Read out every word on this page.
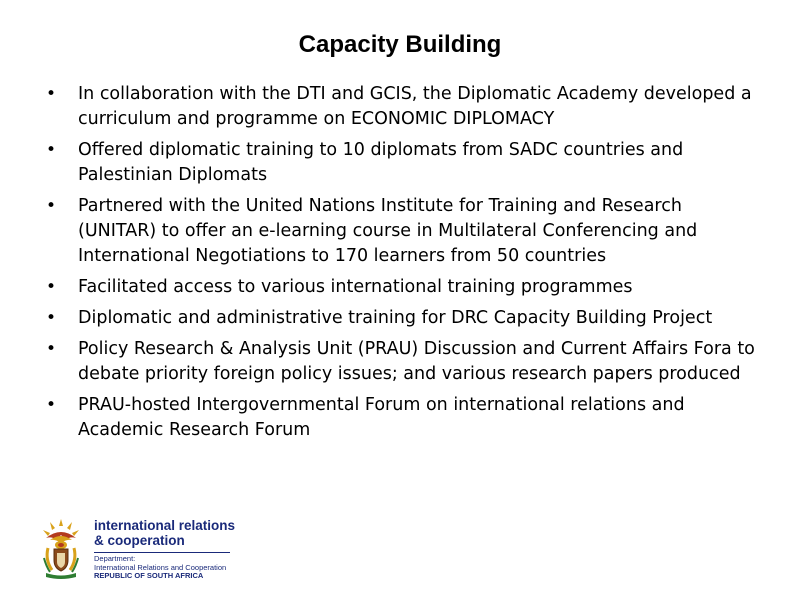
Capacity Building
• In collaboration with the DTI and GCIS, the Diplomatic Academy developed a curriculum and programme on ECONOMIC DIPLOMACY
• Offered diplomatic training to 10 diplomats from SADC countries and Palestinian Diplomats
• Partnered with the United Nations Institute for Training and Research (UNITAR) to offer an e-learning course in Multilateral Conferencing and International Negotiations to 170 learners from 50 countries
• Facilitated access to various international training programmes
• Diplomatic and administrative training for DRC Capacity Building Project
• Policy Research & Analysis Unit (PRAU) Discussion and Current Affairs Fora to debate priority foreign policy issues; and various research papers produced
• PRAU-hosted Intergovernmental Forum on international relations and Academic Research Forum
international relations
& cooperation
Department:
International Relations and Cooperation
REPUBLIC OF SOUTH AFRICA
